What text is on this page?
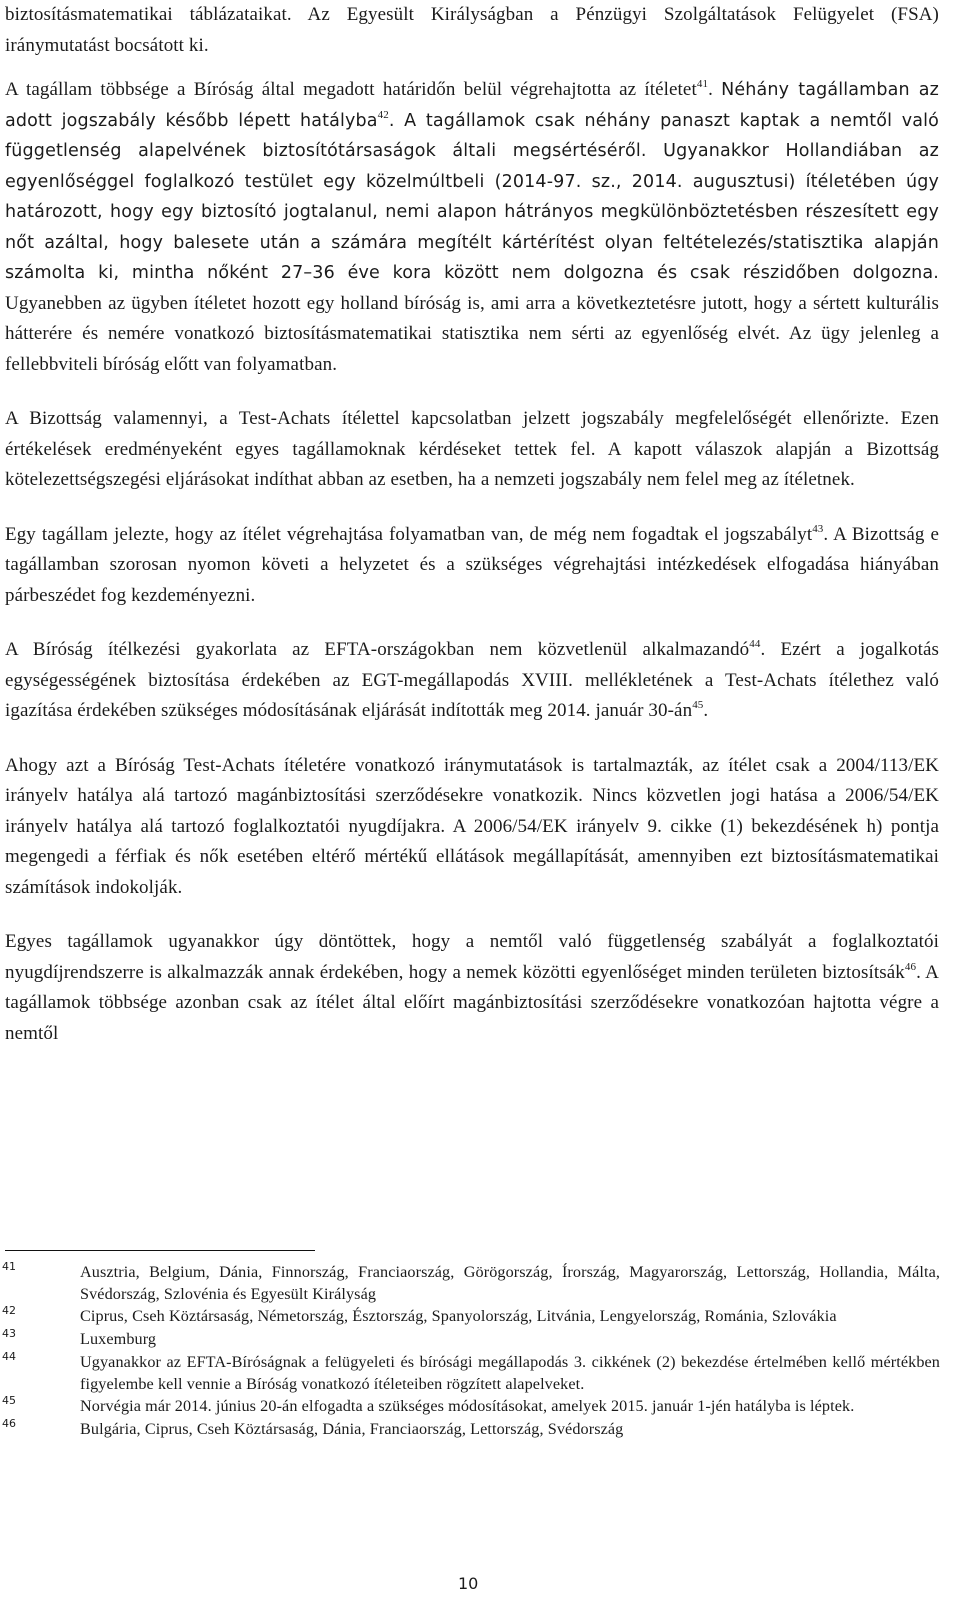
biztosításmatematikai táblázataikat. Az Egyesült Királyságban a Pénzügyi Szolgáltatások Felügyelet (FSA) iránymutatást bocsátott ki.

A tagállam többsége a Bíróság által megadott határidőn belül végrehajtotta az ítéletet$^{41}$. Néhány tagállamban az adott jogszabály később lépett hatályba$^{42}$. A tagállamok csak néhány panaszt kaptak a nemtől való függetlenség alapelvének biztosítótársaságok általi megsértéséről. Ugyanakkor Hollandiában az egyenlőséggel foglalkozó testület egy közelmúltbeli (2014-97. sz., 2014. augusztusi) ítéletében úgy határozott, hogy egy biztosító jogtalanul, nemi alapon hátrányos megkülönböztetésben részesített egy nőt azáltal, hogy balesete után a számára megítélt kártérítést olyan feltételezés/statisztika alapján számolta ki, mintha nőként 27–36 éve kora között nem dolgozna és csak részidőben dolgozna. Ugyanebben az ügyben ítéletet hozott egy holland bíróság is, ami arra a következtetésre jutott, hogy a sértett kulturális hátterére és nemére vonatkozó biztosításmatematikai statisztika nem sérti az egyenlőség elvét. Az ügy jelenleg a fellebbviteli bíróság előtt van folyamatban.

A Bizottság valamennyi, a Test-Achats ítélettel kapcsolatban jelzett jogszabály megfelelőségét ellenőrizte. Ezen értékelések eredményeként egyes tagállamoknak kérdéseket tettek fel. A kapott válaszok alapján a Bizottság kötelezettségszegési eljárásokat indíthat abban az esetben, ha a nemzeti jogszabály nem felel meg az ítéletnek.

Egy tagállam jelezte, hogy az ítélet végrehajtása folyamatban van, de még nem fogadtak el jogszabályt$^{43}$. A Bizottság e tagállamban szorosan nyomon követi a helyzetet és a szükséges végrehajtási intézkedések elfogadása hiányában párbeszédet fog kezdeményezni.

A Bíróság ítélkezési gyakorlata az EFTA-országokban nem közvetlenül alkalmazandó$^{44}$. Ezért a jogalkotás egységességének biztosítása érdekében az EGT-megállapodás XVIII. mellékletének a Test-Achats ítélethez való igazítása érdekében szükséges módosításának eljárását indították meg 2014. január $30-án^{45}$.

Ahogy azt a Bíróság Test-Achats ítéletére vonatkozó iránymutatások is tartalmazták, az ítélet csak a 2004/113/EK irányelv hatálya alá tartozó magánbiztosítási szerződésekre vonatkozik. Nincs közvetlen jogi hatása a 2006/54/EK irányelv hatálya alá tartozó foglalkoztatói nyugdíjakra. A 2006/54/EK irányelv 9. cikke (1) bekezdésének h) pontja megengedi a férfiak és nők esetében eltérő mértékű ellátások megállapítását, amennyiben ezt biztosításmatematikai számítások indokolják.

Egyes tagállamok ugyanakkor úgy döntöttek, hogy a nemtől való függetlenség szabályát a foglalkoztatói nyugdíjrendszerre is alkalmazzák annak érdekében, hogy a nemek közötti egyenlőséget minden területen biztosítsák$^{46}$. A tagállamok többsége azonban csak az ítélet által előírt magánbiztosítási szerződésekre vonatkozóan hajtotta végre a nemtől

41	Ausztria, Belgium, Dánia, Finnország, Franciaország, Görögország, Írország, Magyarország, Lettország, Hollandia, Málta, Svédország, Szlovénia és Egyesült Királyság
42	Ciprus, Cseh Köztársaság, Németország, Észtország, Spanyolország, Litvánia, Lengyelország, Románia, Szlovákia
43	Luxemburg
44	Ugyanakkor az EFTA-Bíróságnak a felügyeleti és bírósági megállapodás 3. cikkének (2) bekezdése értelmében kellő mértékben figyelembe kell vennie a Bíróság vonatkozó ítéleteiben rögzített alapelveket.
45	Norvégia már 2014. június 20-án elfogadta a szükséges módosításokat, amelyek 2015. január 1-jén hatályba is léptek.
46	Bulgária, Ciprus, Cseh Köztársaság, Dánia, Franciaország, Lettország, Svédország
10
